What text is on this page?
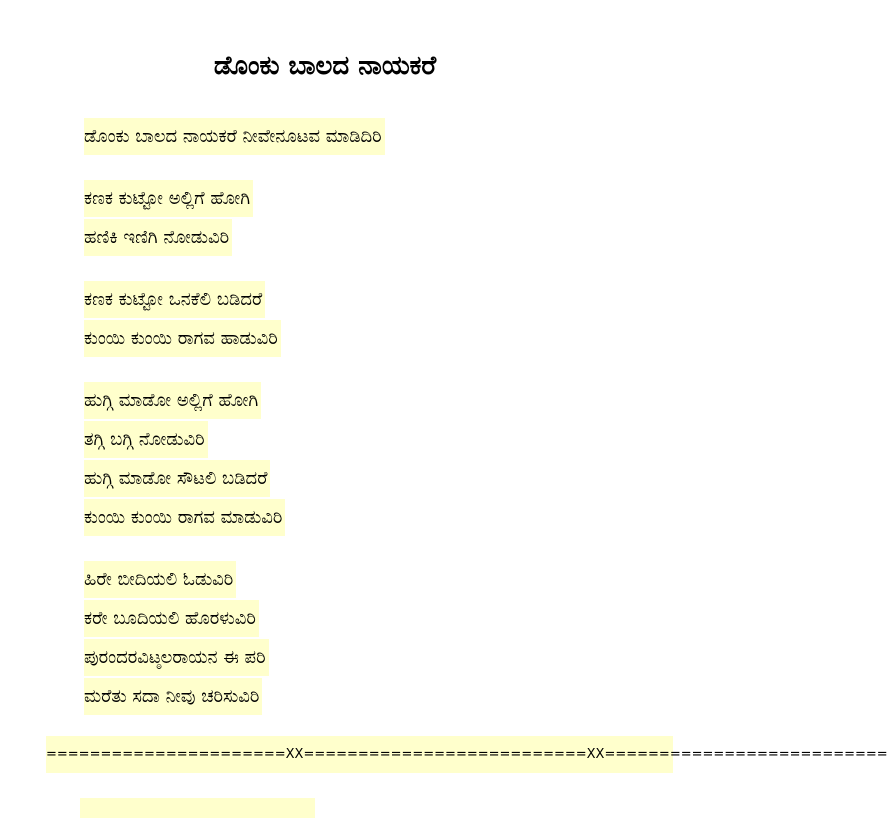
ಡೊಂಕು ಬಾಲದ ನಾಯಕರೆ
ಡೊಂಕು ಬಾಲದ ನಾಯಕರೆ ನೀವೇನೂಟವ ಮಾಡಿದಿರಿ
ಕಣಕ ಕುಟ್ಟೋ ಅಲ್ಲಿಗೆ ಹೋಗಿ
ಹಣಿಕಿ ಇಣಿಗಿ ನೋಡುವಿರಿ
ಕಣಕ ಕುಟ್ಟೋ ಒನಕೆಲಿ ಬಡಿದರೆ
ಕುಂಯಿ ಕುಂಯಿ ರಾಗವ ಹಾಡುವಿರಿ
ಹುಗ್ಗಿ ಮಾಡೋ ಅಲ್ಲಿಗೆ ಹೋಗಿ
ತಗ್ಗಿ ಬಗ್ಗಿ ನೋಡುವಿರಿ
ಹುಗ್ಗಿ ಮಾಡೋ ಸೌಟಲಿ ಬಡಿದರೆ
ಕುಂಯಿ ಕುಂಯಿ ರಾಗವ ಮಾಡುವಿರಿ
ಹಿರೇ ಬೀದಿಯಲಿ ಓಡುವಿರಿ
ಕರೇ ಬೂದಿಯಲಿ ಹೊರಳುವಿರಿ
ಪುರಂದರವಿಟ್ಠಲರಾಯನ ಈ ಪರಿ
ಮರೆತು ಸದಾ ನೀವು ಚರಿಸುವಿರಿ
======================XX==========================XX==========================
